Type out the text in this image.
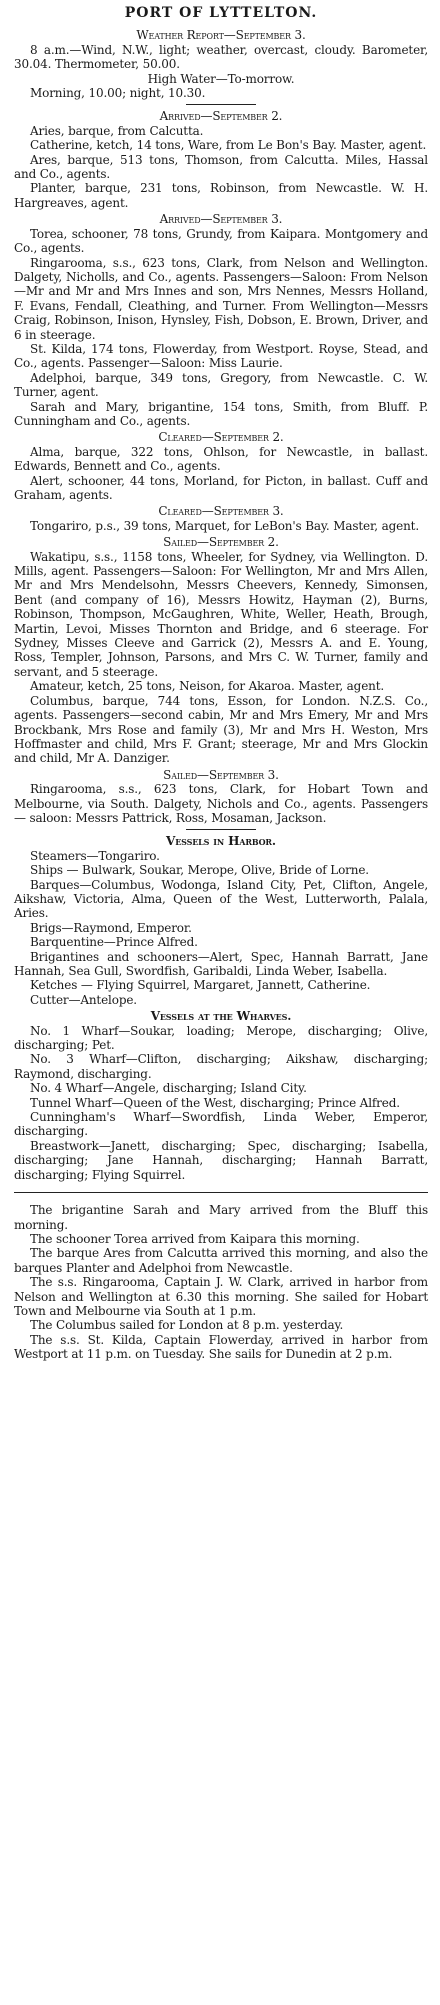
PORT OF LYTTELTON.
Weather Report—September 3.
8 a.m.—Wind, N.W., light; weather, overcast, cloudy. Barometer, 30.04. Thermometer, 50.00.
High Water—To-morrow.
Morning, 10.00; night, 10.30.
Arrived—September 2.
Aries, barque, from Calcutta.
Catherine, ketch, 14 tons, Ware, from Le Bon's Bay. Master, agent.
Ares, barque, 513 tons, Thomson, from Calcutta. Miles, Hassal and Co., agents.
Planter, barque, 231 tons, Robinson, from Newcastle. W. H. Hargreaves, agent.
Arrived—September 3.
Torea, schooner, 78 tons, Grundy, from Kaipara. Montgomery and Co., agents.
Ringarooma, s.s., 623 tons, Clark, from Nelson and Wellington. Dalgety, Nicholls, and Co., agents. Passengers—Saloon: From Nelson—Mr and Mr and Mrs Innes and son, Mrs Nennes, Messrs Holland, F. Evans, Fendall, Cleathing, and Turner. From Wellington—Messrs Craig, Robinson, Inison, Hynsley, Fish, Dobson, E. Brown, Driver, and 6 in steerage.
St. Kilda, 174 tons, Flowerday, from Westport. Royse, Stead, and Co., agents. Passenger—Saloon: Miss Laurie.
Adelphoi, barque, 349 tons, Gregory, from Newcastle. C. W. Turner, agent.
Sarah and Mary, brigantine, 154 tons, Smith, from Bluff. P. Cunningham and Co., agents.
Cleared—September 2.
Alma, barque, 322 tons, Ohlson, for Newcastle, in ballast. Edwards, Bennett and Co., agents.
Alert, schooner, 44 tons, Morland, for Picton, in ballast. Cuff and Graham, agents.
Cleared—September 3.
Tongariro, p.s., 39 tons, Marquet, for LeBon's Bay. Master, agent.
Sailed—September 2.
Wakatipu, s.s., 1158 tons, Wheeler, for Sydney, via Wellington. D. Mills, agent. Passengers—Saloon: For Wellington, Mr and Mrs Allen, Mr and Mrs Mendelsohn, Messrs Cheevers, Kennedy, Simonsen, Bent (and company of 16), Messrs Howitz, Hayman (2), Burns, Robinson, Thompson, McGaughren, White, Weller, Heath, Brough, Martin, Levoi, Misses Thornton and Bridge, and 6 steerage. For Sydney, Misses Cleeve and Garrick (2), Messrs A. and E. Young, Ross, Templer, Johnson, Parsons, and Mrs C. W. Turner, family and servant, and 5 steerage.
Amateur, ketch, 25 tons, Neison, for Akaroa. Master, agent.
Columbus, barque, 744 tons, Esson, for London. N.Z.S. Co., agents. Passengers—second cabin, Mr and Mrs Emery, Mr and Mrs Brockbank, Mrs Rose and family (3), Mr and Mrs H. Weston, Mrs Hoffmaster and child, Mrs F. Grant; steerage, Mr and Mrs Glockin and child, Mr A. Danziger.
Sailed—September 3.
Ringarooma, s.s., 623 tons, Clark, for Hobart Town and Melbourne, via South. Dalgety, Nichols and Co., agents. Passengers — saloon: Messrs Pattrick, Ross, Mosaman, Jackson.
Vessels in Harbor.
Steamers—Tongariro.
Ships — Bulwark, Soukar, Merope, Olive, Bride of Lorne.
Barques—Columbus, Wodonga, Island City, Pet, Clifton, Angele, Aikshaw, Victoria, Alma, Queen of the West, Lutterworth, Palala, Aries.
Brigs—Raymond, Emperor.
Barquentine—Prince Alfred.
Brigantines and schooners—Alert, Spec, Hannah Barratt, Jane Hannah, Sea Gull, Swordfish, Garibaldi, Linda Weber, Isabella.
Ketches — Flying Squirrel, Margaret, Jannett, Catherine.
Cutter—Antelope.
Vessels at the Wharves.
No. 1 Wharf—Soukar, loading; Merope, discharging; Olive, discharging; Pet.
No. 3 Wharf—Clifton, discharging; Aikshaw, discharging; Raymond, discharging.
No. 4 Wharf—Angele, discharging; Island City.
Tunnel Wharf—Queen of the West, discharging; Prince Alfred.
Cunningham's Wharf—Swordfish, Linda Weber, Emperor, discharging.
Breastwork—Janett, discharging; Spec, discharging; Isabella, discharging; Jane Hannah, discharging; Hannah Barratt, discharging; Flying Squirrel.
The brigantine Sarah and Mary arrived from the Bluff this morning.
The schooner Torea arrived from Kaipara this morning.
The barque Ares from Calcutta arrived this morning, and also the barques Planter and Adelphoi from Newcastle.
The s.s. Ringarooma, Captain J. W. Clark, arrived in harbor from Nelson and Wellington at 6.30 this morning. She sailed for Hobart Town and Melbourne via South at 1 p.m.
The Columbus sailed for London at 8 p.m. yesterday.
The s.s. St. Kilda, Captain Flowerday, arrived in harbor from Westport at 11 p.m. on Tuesday. She sails for Dunedin at 2 p.m.
